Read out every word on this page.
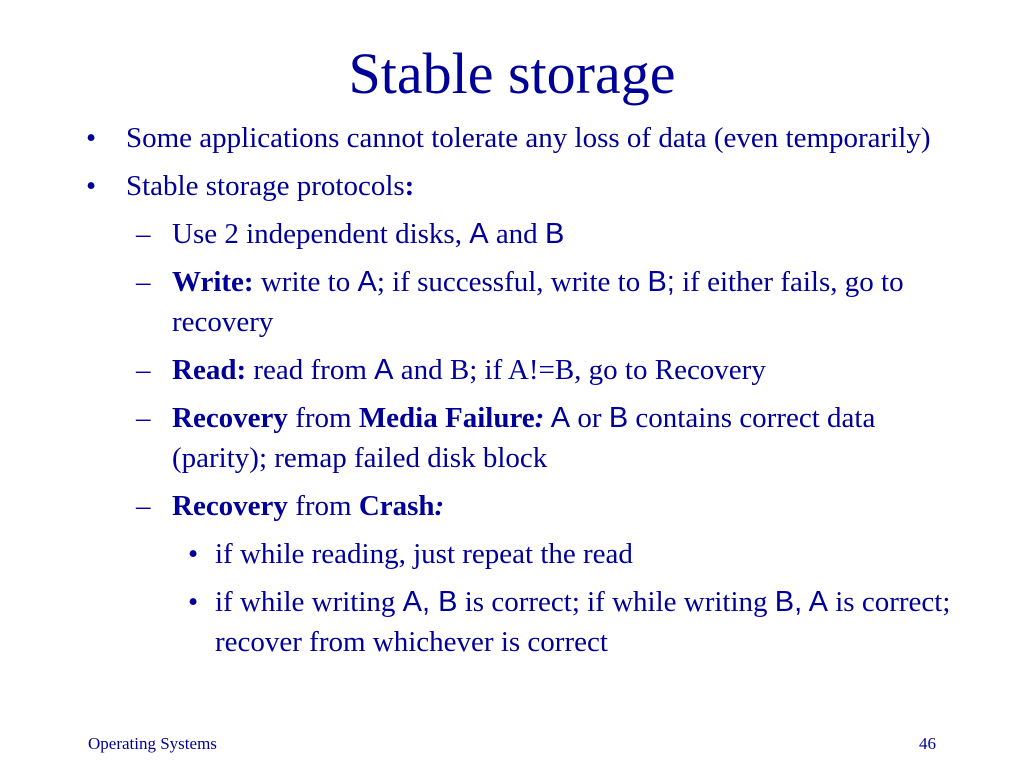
Stable storage
• Some applications cannot tolerate any loss of data (even temporarily)
• Stable storage protocols:
– Use 2 independent disks, A and B
– Write: write to A; if successful, write to B; if either fails, go to recovery
– Read: read from A and B; if A!=B, go to Recovery
– Recovery from Media Failure: A or B contains correct data (parity); remap failed disk block
– Recovery from Crash:
• if while reading, just repeat the read
• if while writing A, B is correct; if while writing B, A is correct; recover from whichever is correct
Operating Systems	46
